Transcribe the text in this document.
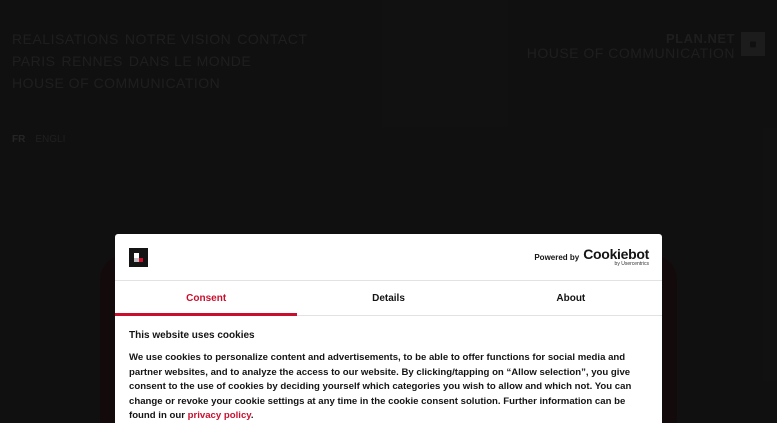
REALISATIONS NOTRE VISION CONTACT
PARIS RENNES DANS LE MONDE
HOUSE OF COMMUNICATION
FR ENGLI
PLAN.NET
HOUSE OF COMMUNICATION
■
Powered by Cookiebot
by Usercentrics
Consent	Details	About
This website uses cookies

We use cookies to personalize content and advertisements, to be able to offer functions for social media and partner websites, and to analyze the access to our website. By clicking/tapping on “Allow selection”, you give consent to the use of cookies by deciding yourself which categories you wish to allow and which not. You can change or revoke your cookie settings at any time in the cookie consent solution. Further information can be found in our privacy policy.
